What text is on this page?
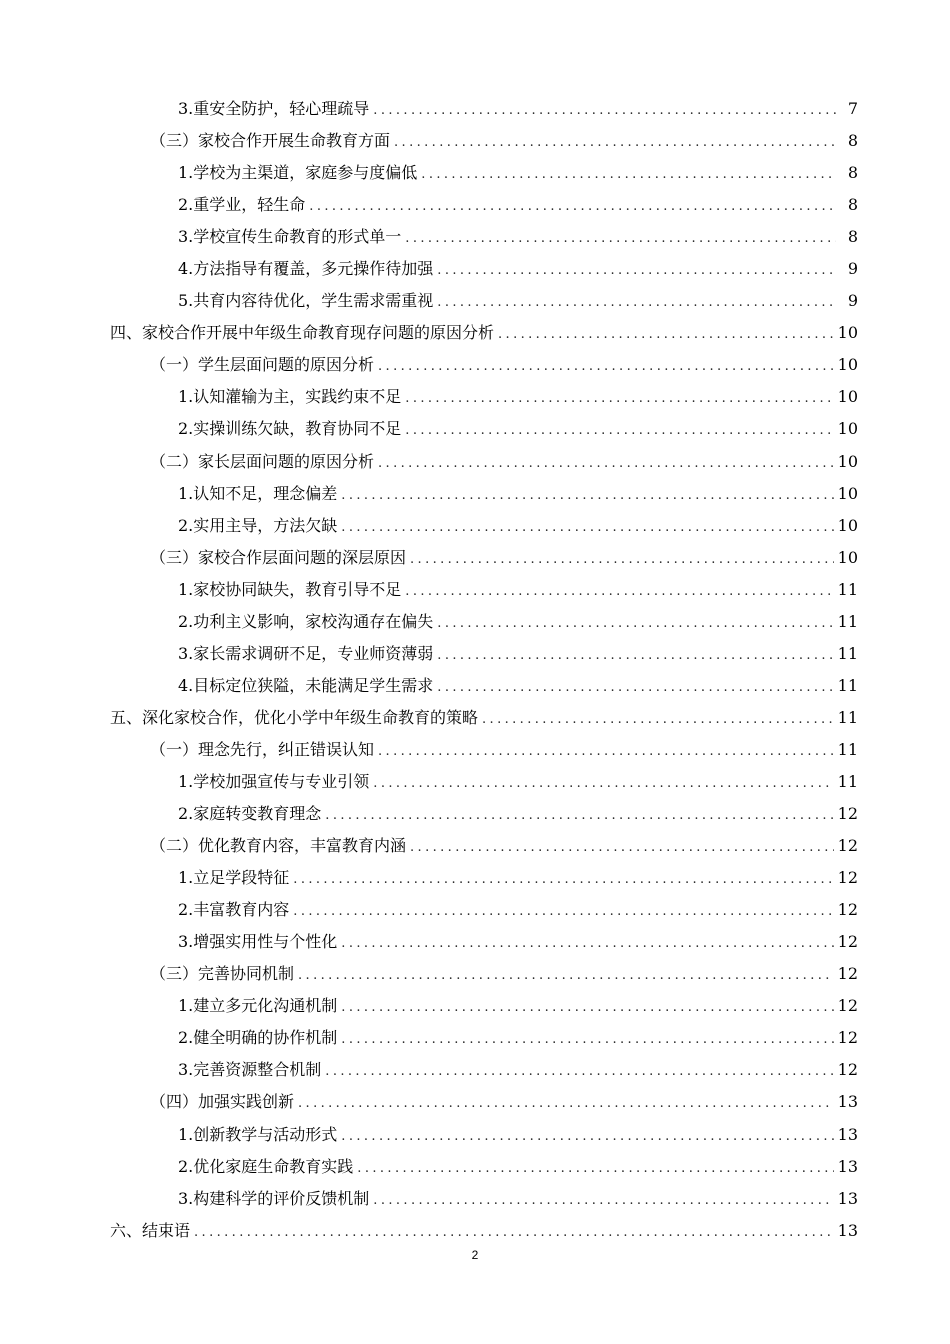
3.重安全防护，轻心理疏导 .....	7
（三）家校合作开展生命教育方面 .....	8
1.学校为主渠道，家庭参与度偏低 .....	8
2.重学业，轻生命 .....	8
3.学校宣传生命教育的形式单一 .....	8
4.方法指导有覆盖，多元操作待加强 .....	9
5.共育内容待优化，学生需求需重视 .....	9
四、家校合作开展中年级生命教育现存问题的原因分析 .....	10
（一）学生层面问题的原因分析 .....	10
1.认知灌输为主，实践约束不足 .....	10
2.实操训练欠缺，教育协同不足 .....	10
（二）家长层面问题的原因分析 .....	10
1.认知不足，理念偏差 .....	10
2.实用主导，方法欠缺 .....	10
（三）家校合作层面问题的深层原因 .....	10
1.家校协同缺失，教育引导不足 .....	11
2.功利主义影响，家校沟通存在偏失 .....	11
3.家长需求调研不足，专业师资薄弱 .....	11
4.目标定位狭隘，未能满足学生需求 .....	11
五、深化家校合作，优化小学中年级生命教育的策略 .....	11
（一）理念先行，纠正错误认知 .....	11
1.学校加强宣传与专业引领 .....	11
2.家庭转变教育理念 .....	12
（二）优化教育内容，丰富教育内涵 .....	12
1.立足学段特征 .....	12
2.丰富教育内容 .....	12
3.增强实用性与个性化 .....	12
（三）完善协同机制 .....	12
1.建立多元化沟通机制 .....	12
2.健全明确的协作机制 .....	12
3.完善资源整合机制 .....	12
（四）加强实践创新 .....	13
1.创新教学与活动形式 .....	13
2.优化家庭生命教育实践 .....	13
3.构建科学的评价反馈机制 .....	13
六、结束语 .....	13
2
